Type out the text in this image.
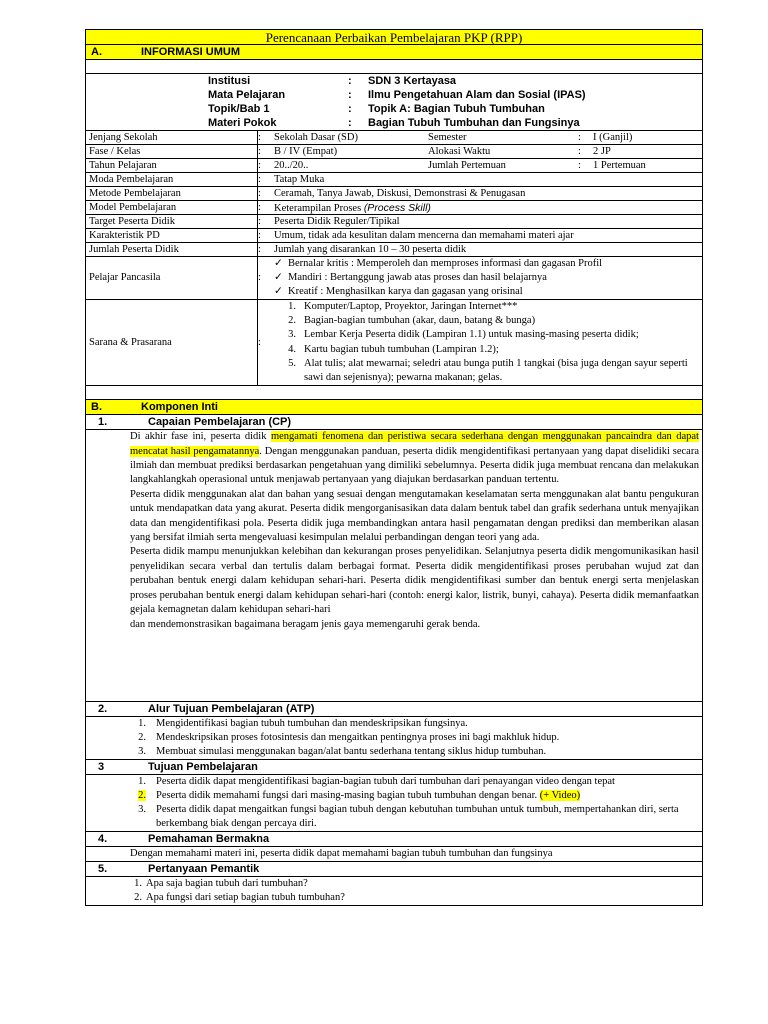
Perencanaan Perbaikan Pembelajaran PKP (RPP)
A.	INFORMASI UMUM
Institusi	:	SDN 3 Kertayasa
Mata Pelajaran	:	Ilmu Pengetahuan Alam dan Sosial (IPAS)
Topik/Bab 1	:	Topik A: Bagian Tubuh Tumbuhan
Materi Pokok	:	Bagian Tubuh Tumbuhan dan Fungsinya
Jenjang Sekolah	:	Sekolah Dasar (SD)	Semester	:	I (Ganjil)
Fase / Kelas	:	B / IV (Empat)	Alokasi Waktu	:	2 JP
Tahun Pelajaran	:	20../20..	Jumlah Pertemuan	:	1 Pertemuan
Moda Pembelajaran	:	Tatap Muka
Metode Pembelajaran	:	Ceramah, Tanya Jawab, Diskusi, Demonstrasi & Penugasan
Model Pembelajaran	:	Keterampilan Proses (Process Skill)
Target Peserta Didik	:	Peserta Didik Reguler/Tipikal
Karakteristik PD	:	Umum, tidak ada kesulitan dalam mencerna dan memahami materi ajar
Jumlah Peserta Didik	:	Jumlah yang disarankan 10 – 30 peserta didik
Pelajar Pancasila	:
✓ Bernalar kritis : Memperoleh dan memproses informasi dan gagasan Profil
✓ Mandiri : Bertanggung jawab atas proses dan hasil belajarnya
✓ Kreatif : Menghasilkan karya dan gagasan yang orisinal
Sarana & Prasarana	:
1. Komputer/Laptop, Proyektor, Jaringan Internet***
2. Bagian-bagian tumbuhan (akar, daun, batang & bunga)
3. Lembar Kerja Peserta didik (Lampiran 1.1) untuk masing-masing peserta didik;
4. Kartu bagian tubuh tumbuhan (Lampiran 1.2);
5. Alat tulis; alat mewarnai; seledri atau bunga putih 1 tangkai (bisa juga dengan sayur seperti sawi dan sejenisnya); pewarna makanan; gelas.
B.	Komponen Inti
1.	Capaian Pembelajaran (CP)
Di akhir fase ini, peserta didik mengamati fenomena dan peristiwa secara sederhana dengan menggunakan pancaindra dan dapat mencatat hasil pengamatannya. Dengan menggunakan panduan, peserta didik mengidentifikasi pertanyaan yang dapat diselidiki secara ilmiah dan membuat prediksi berdasarkan pengetahuan yang dimiliki sebelumnya. Peserta didik juga membuat rencana dan melakukan langkahlangkah operasional untuk menjawab pertanyaan yang diajukan berdasarkan panduan tertentu.
Peserta didik menggunakan alat dan bahan yang sesuai dengan mengutamakan keselamatan serta menggunakan alat bantu pengukuran untuk mendapatkan data yang akurat. Peserta didik mengorganisasikan data dalam bentuk tabel dan grafik sederhana untuk menyajikan data dan mengidentifikasi pola. Peserta didik juga membandingkan antara hasil pengamatan dengan prediksi dan memberikan alasan yang bersifat ilmiah serta mengevaluasi kesimpulan melalui perbandingan dengan teori yang ada.
Peserta didik mampu menunjukkan kelebihan dan kekurangan proses penyelidikan. Selanjutnya peserta didik mengomunikasikan hasil penyelidikan secara verbal dan tertulis dalam berbagai format. Peserta didik mengidentifikasi proses perubahan wujud zat dan perubahan bentuk energi dalam kehidupan sehari-hari. Peserta didik mengidentifikasi sumber dan bentuk energi serta menjelaskan proses perubahan bentuk energi dalam kehidupan sehari-hari (contoh: energi kalor, listrik, bunyi, cahaya). Peserta didik memanfaatkan gejala kemagnetan dalam kehidupan sehari-hari
dan mendemonstrasikan bagaimana beragam jenis gaya memengaruhi gerak benda.
2.	Alur Tujuan Pembelajaran (ATP)
1. Mengidentifikasi bagian tubuh tumbuhan dan mendeskripsikan fungsinya.
2. Mendeskripsikan proses fotosintesis dan mengaitkan pentingnya proses ini bagi makhluk hidup.
3. Membuat simulasi menggunakan bagan/alat bantu sederhana tentang siklus hidup tumbuhan.
3	Tujuan Pembelajaran
1. Peserta didik dapat mengidentifikasi bagian-bagian tubuh dari tumbuhan dari penayangan video dengan tepat
2. Peserta didik memahami fungsi dari masing-masing bagian tubuh tumbuhan dengan benar. (+ Video)
3. Peserta didik dapat mengaitkan fungsi bagian tubuh dengan kebutuhan tumbuhan untuk tumbuh, mempertahankan diri, serta berkembang biak dengan percaya diri.
4.	Pemahaman Bermakna
Dengan memahami materi ini, peserta didik dapat memahami bagian tubuh tumbuhan dan fungsinya
5.	Pertanyaan Pemantik
1. Apa saja bagian tubuh dari tumbuhan?
2. Apa fungsi dari setiap bagian tubuh tumbuhan?
